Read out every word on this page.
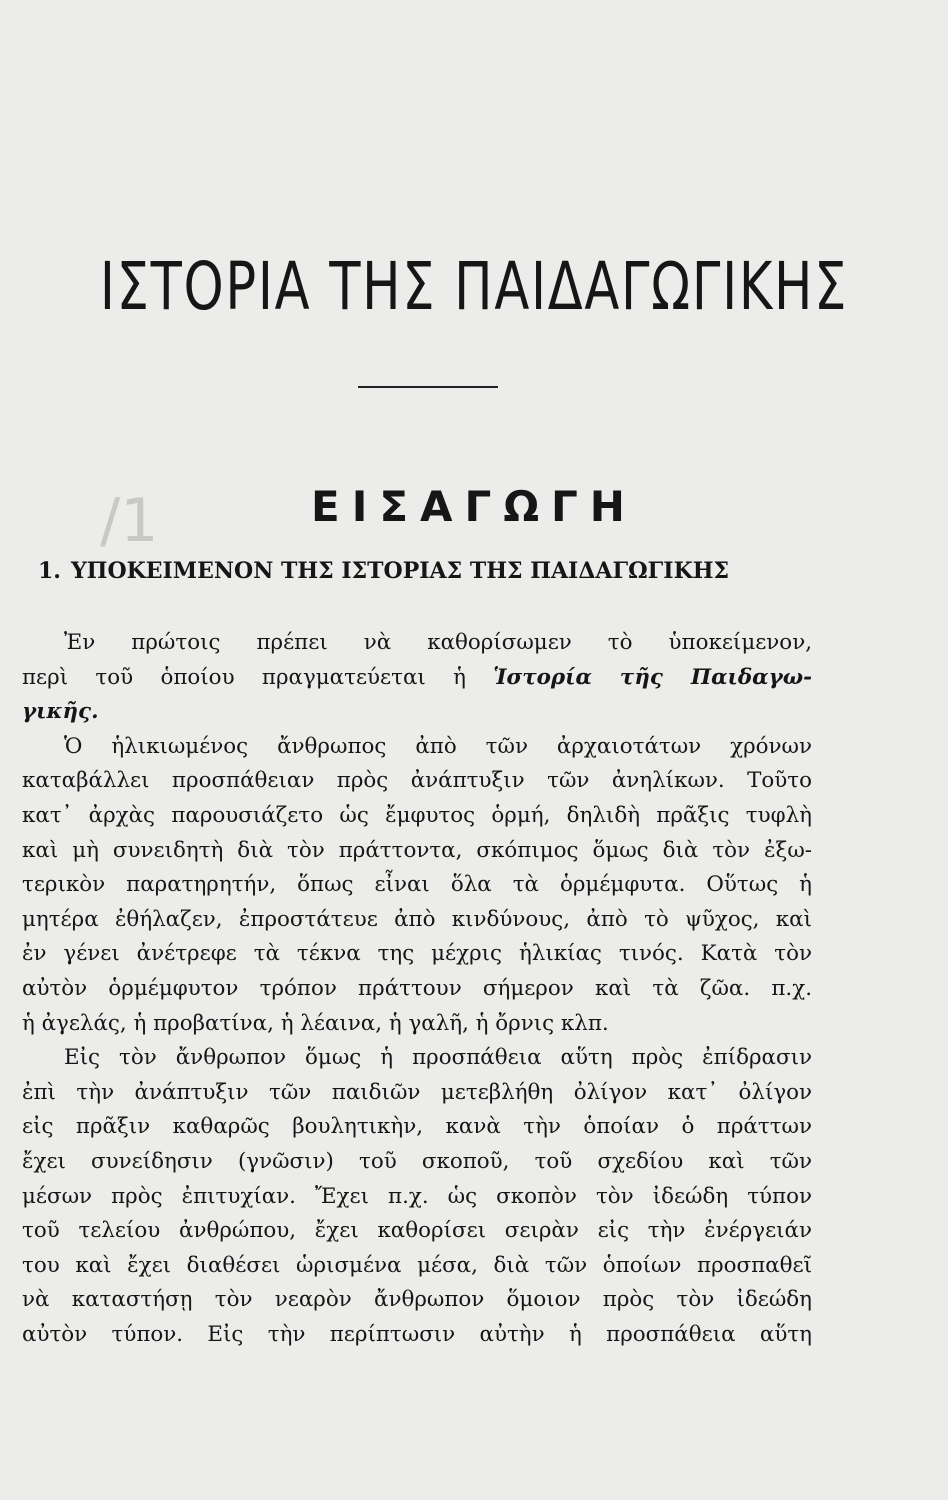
/1
ΙΣΤΟΡΙΑ ΤΗΣ ΠΑΙΔΑΓΩΓΙΚΗΣ
ΕΙΣΑΓΩΓΗ
1. ΥΠΟΚΕΙΜΕΝΟΝ ΤΗΣ ΙΣΤΟΡΙΑΣ ΤΗΣ ΠΑΙΔΑΓΩΓΙΚΗΣ
Ἐν πρώτοις πρέπει νὰ καθορίσωμεν τὸ ὑποκείμενον,
περὶ τοῦ ὁποίου πραγματεύεται ἡ Ἱστορία τῆς Παιδαγω-
γικῆς.
Ὁ ἡλικιωμένος ἄνθρωπος ἀπὸ τῶν ἀρχαιοτάτων χρόνων
καταβάλλει προσπάθειαν πρὸς ἀνάπτυξιν τῶν ἀνηλίκων. Τοῦτο
κατ᾿ ἀρχὰς παρουσιάζετο ὡς ἔμφυτος ὁρμή, δηλιδὴ πρᾶξις τυφλὴ
καὶ μὴ συνειδητὴ διὰ τὸν πράττοντα, σκόπιμος ὅμως διὰ τὸν ἐξω-
τερικὸν παρατηρητήν, ὅπως εἶναι ὅλα τὰ ὁρμέμφυτα. Οὕτως ἡ
μητέρα ἐθήλαζεν, ἐπροστάτευε ἀπὸ κινδύνους, ἀπὸ τὸ ψῦχος, καὶ
ἐν γένει ἀνέτρεφε τὰ τέκνα της μέχρις ἡλικίας τινός. Κατὰ τὸν
αὐτὸν ὁρμέμφυτον τρόπον πράττουν σήμερον καὶ τὰ ζῶα. π.χ.
ἡ ἀγελάς, ἡ προβατίνα, ἡ λέαινα, ἡ γαλῆ, ἡ ὄρνις κλπ.
Εἰς τὸν ἄνθρωπον ὅμως ἡ προσπάθεια αὕτη πρὸς ἐπίδρασιν
ἐπὶ τὴν ἀνάπτυξιν τῶν παιδιῶν μετεβλήθη ὀλίγον κατ᾿ ὀλίγον
εἰς πρᾶξιν καθαρῶς βουλητικὴν, κανὰ τὴν ὁποίαν ὁ πράττων
ἔχει συνείδησιν (γνῶσιν) τοῦ σκοποῦ, τοῦ σχεδίου καὶ τῶν
μέσων πρὸς ἐπιτυχίαν. Ἔχει π.χ. ὡς σκοπὸν τὸν ἰδεώδη τύπον
τοῦ τελείου ἀνθρώπου, ἔχει καθορίσει σειρὰν εἰς τὴν ἐνέργειάν
του καὶ ἔχει διαθέσει ὡρισμένα μέσα, διὰ τῶν ὁποίων προσπαθεῖ
νὰ καταστήσῃ τὸν νεαρὸν ἄνθρωπον ὅμοιον πρὸς τὸν ἰδεώδη
αὐτὸν τύπον. Εἰς τὴν περίπτωσιν αὐτὴν ἡ προσπάθεια αὕτη
